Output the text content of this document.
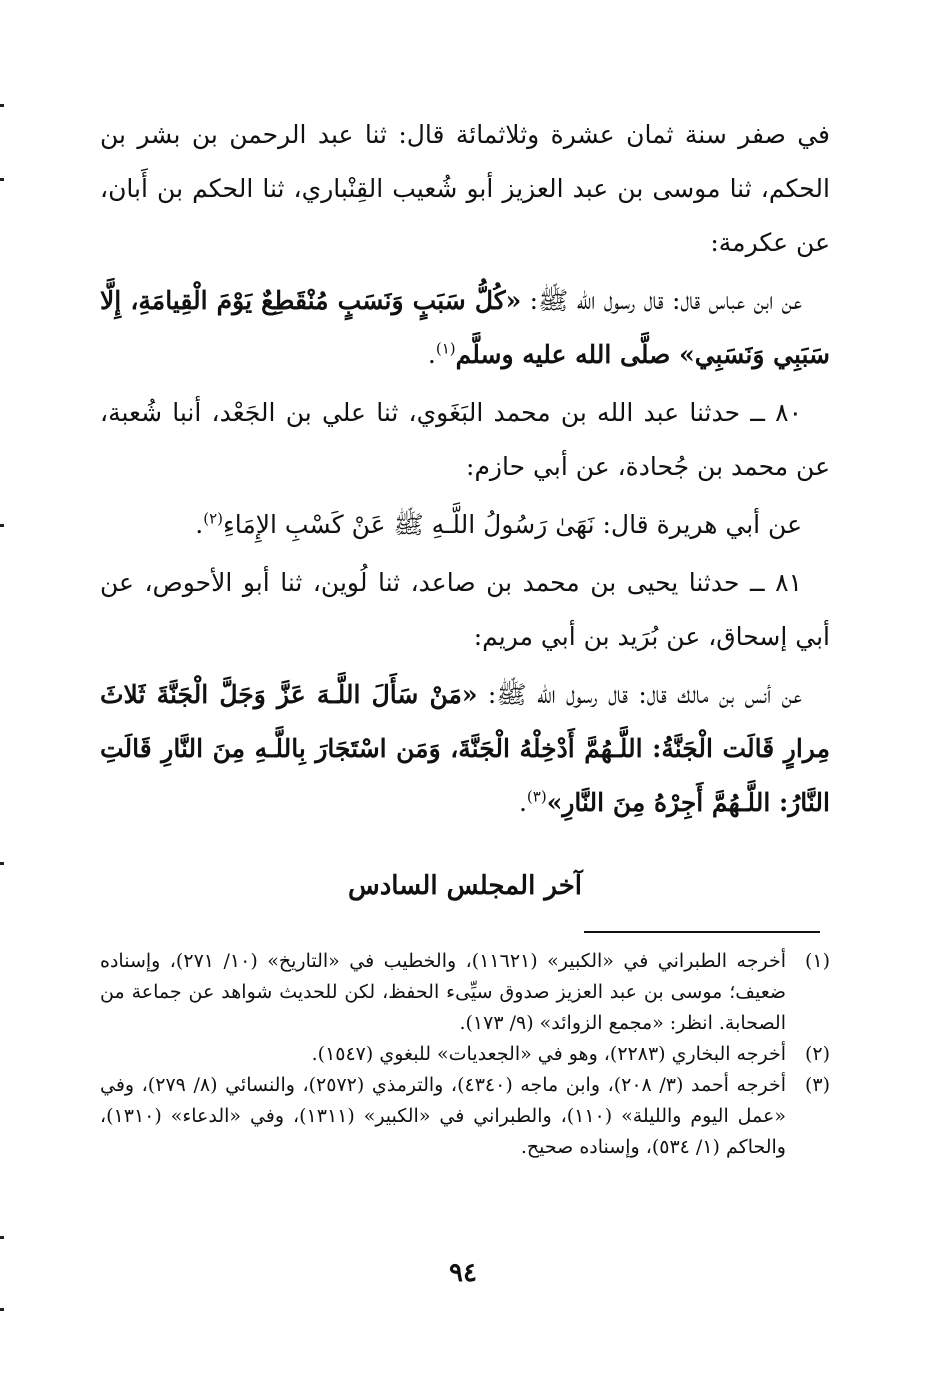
في صفر سنة ثمان عشرة وثلاثمائة قال: ثنا عبد الرحمن بن بشر بن الحكم، ثنا موسى بن عبد العزيز أبو شُعيب القِنْباري، ثنا الحكم بن أَبان، عن عكرمة:

عن ابن عباس قال: قال رسول الله ﷺ: «كُلُّ سَبَبٍ وَنَسَبٍ مُنْقَطِعٌ يَوْمَ الْقِيامَةِ، إِلَّا سَبَبِي وَنَسَبِي» صلَّى الله عليه وسلَّم$^{(١)}$.

٨٠ ــ حدثنا عبد الله بن محمد البَغَوي، ثنا علي بن الجَعْد، أنبا شُعبة، عن محمد بن جُحادة، عن أبي حازم:

عن أبي هريرة قال: نَهَىٰ رَسُولُ اللَّـهِ ﷺ عَنْ كَسْبِ الإِمَاءِ$^{(٢)}$.

٨١ ــ حدثنا يحيى بن محمد بن صاعد، ثنا لُوين، ثنا أبو الأحوص، عن أبي إسحاق، عن بُرَيد بن أبي مريم:

عن أنس بن مالك قال: قال رسول الله ﷺ: «مَنْ سَأَلَ اللَّـهَ عَزَّ وَجَلَّ الْجَنَّةَ ثَلاثَ مِرارٍ قَالَت الْجَنَّةُ: اللَّـهُمَّ أَدْخِلْهُ الْجَنَّةَ، وَمَن اسْتَجَارَ بِاللَّـهِ مِنَ النَّارِ قَالَتِ النَّارُ: اللَّـهُمَّ أَجِرْهُ مِنَ النَّارِ»$^{(٣)}$.

آخر المجلس السادس

(١)
أخرجه الطبراني في «الكبير» (١١٦٢١)، والخطيب في «التاريخ» (١٠/ ٢٧١)، وإسناده ضعيف؛ موسى بن عبد العزيز صدوق سيِّىء الحفظ، لكن للحديث شواهد عن جماعة من الصحابة. انظر: «مجمع الزوائد» (٩/ ١٧٣).

(٢)
أخرجه البخاري (٢٢٨٣)، وهو في «الجعديات» للبغوي (١٥٤٧).

(٣)
أخرجه أحمد (٣/ ٢٠٨)، وابن ماجه (٤٣٤٠)، والترمذي (٢٥٧٢)، والنسائي (٨/ ٢٧٩)، وفي «عمل اليوم والليلة» (١١٠)، والطبراني في «الكبير» (١٣١١)، وفي «الدعاء» (١٣١٠)، والحاكم (١/ ٥٣٤)، وإسناده صحيح.

٩٤
